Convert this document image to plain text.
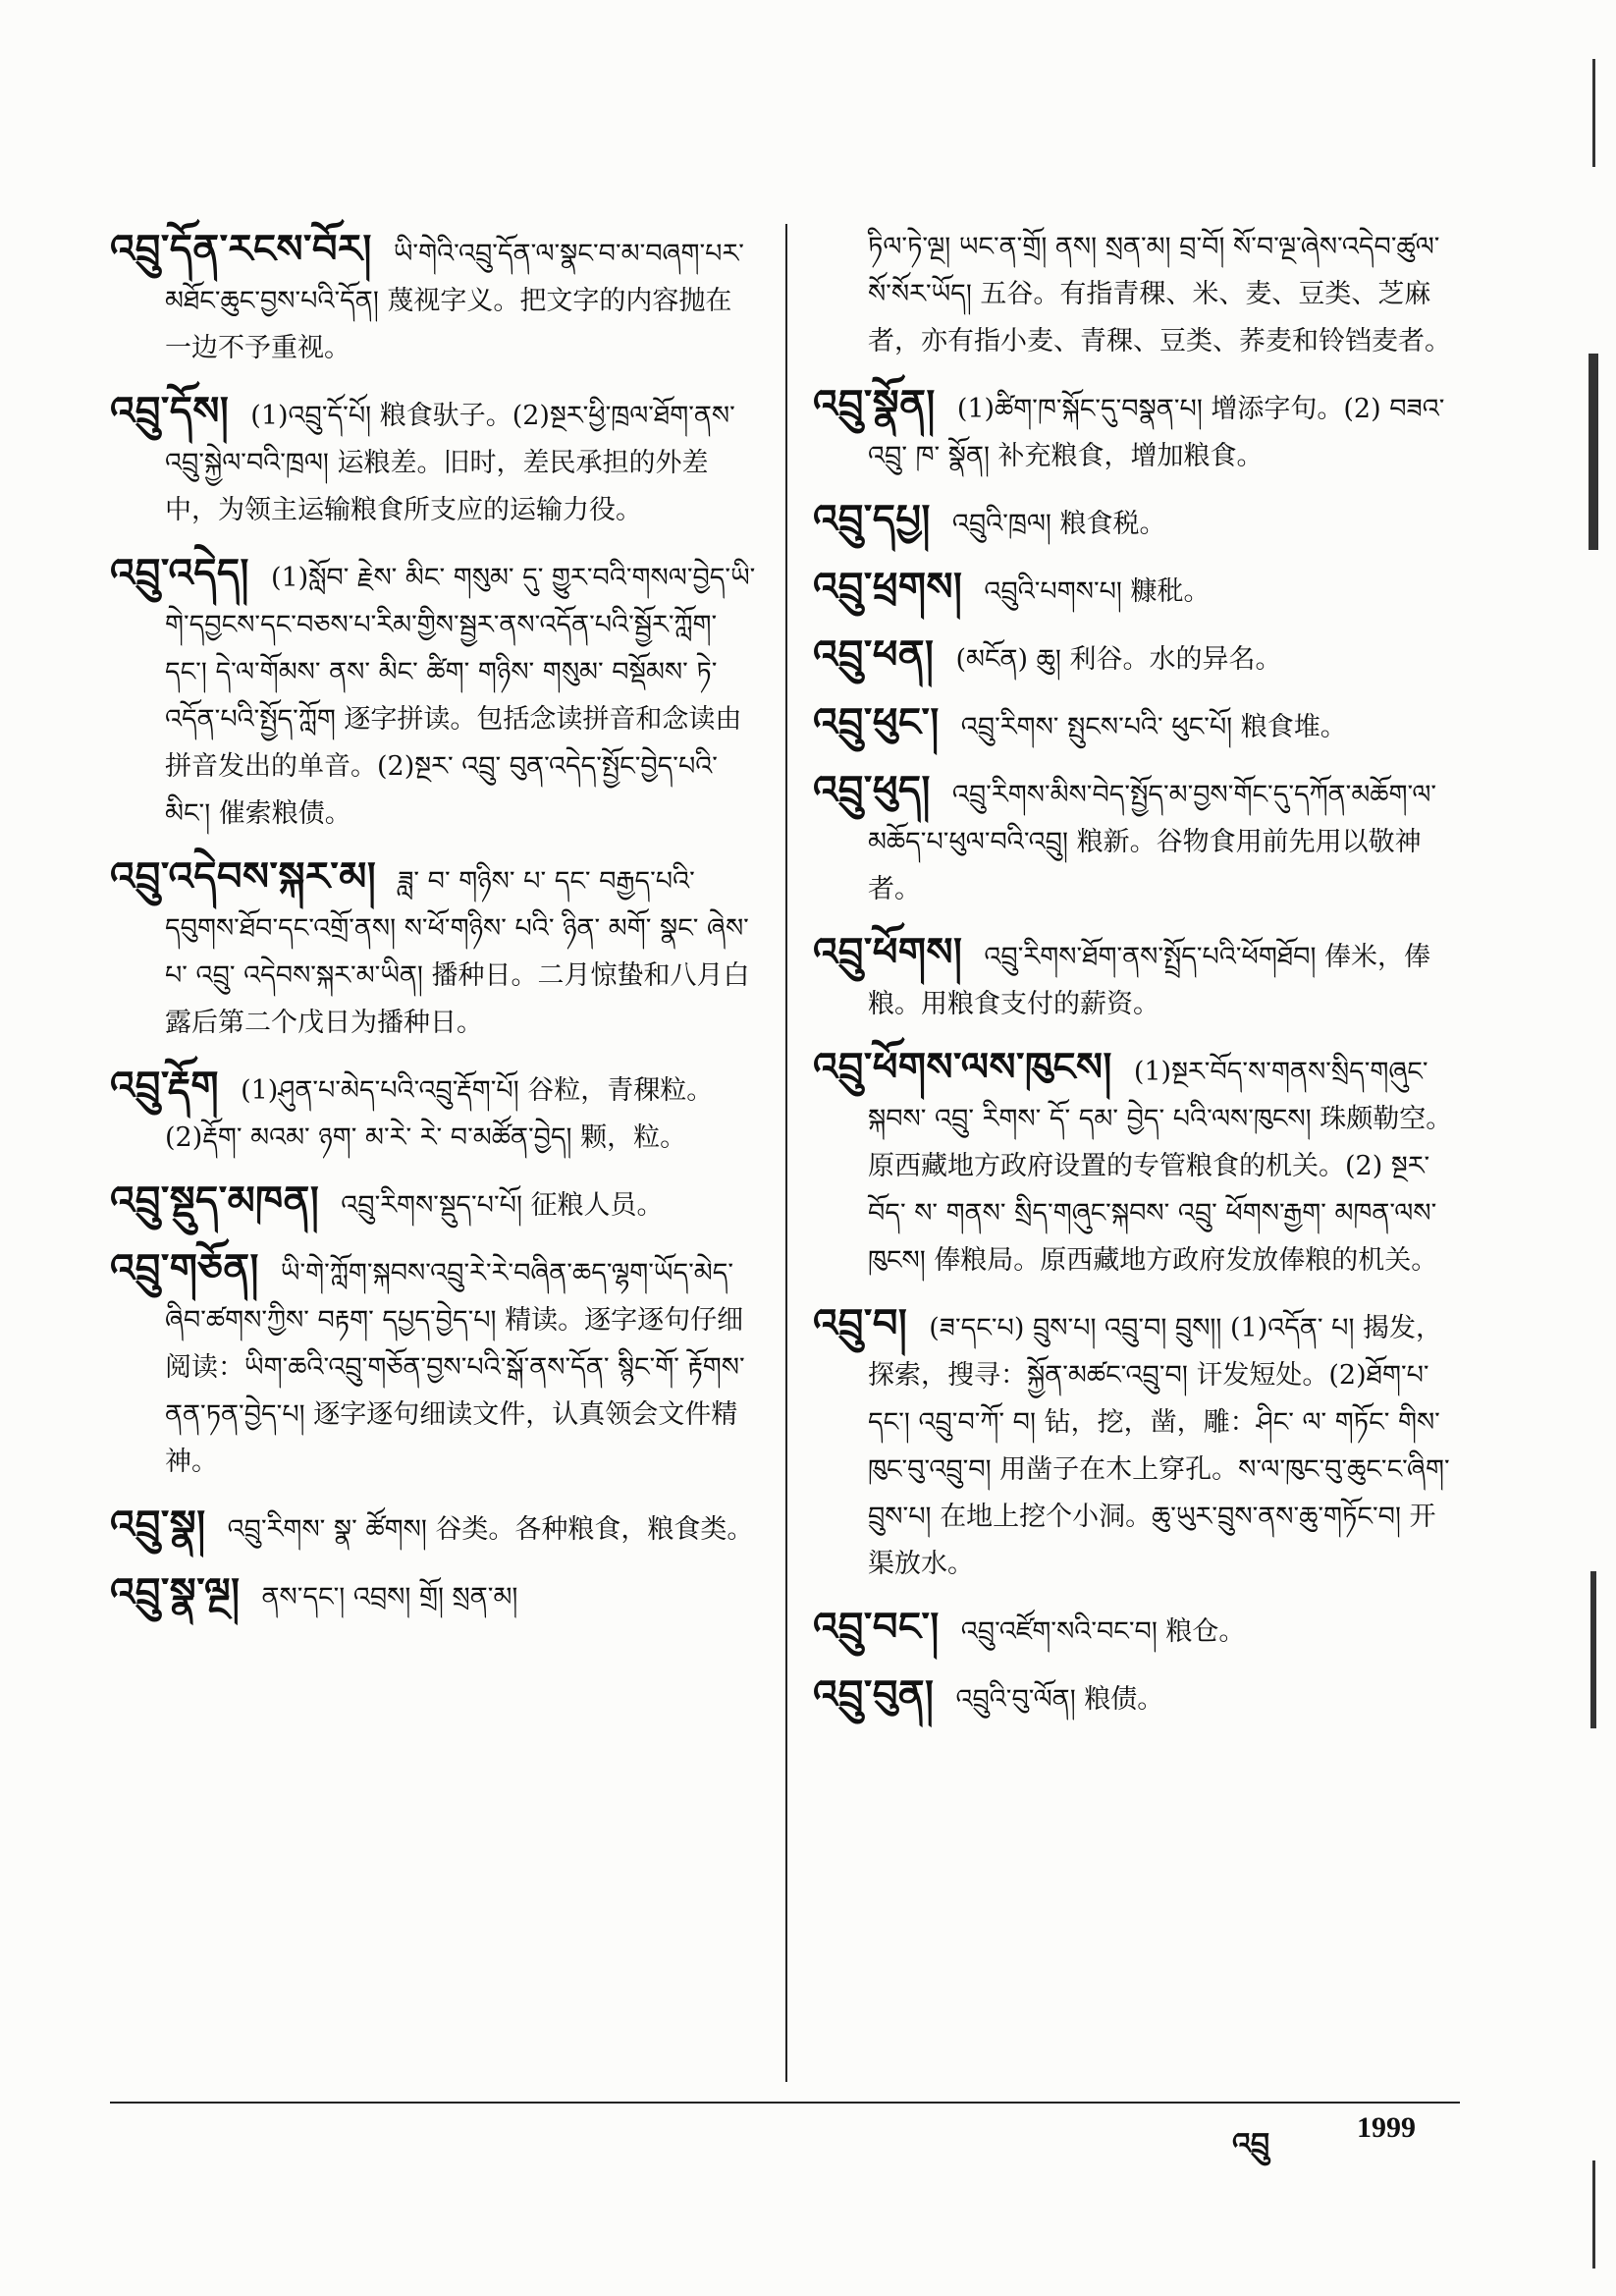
འབྲུ་དོན་རངས་བོར། ཡི་གེའི་འབྲུ་དོན་ལ་སྣང་བ་མ་བཞག་པར་མཐོང་ཆུང་བྱས་པའི་དོན། 蔑视字义。把文字的内容抛在一边不予重视。
འབྲུ་དོས། (1)འབྲུ་དོ་པོ། 粮食驮子。(2)སྔར་ཕྱི་ཁྲལ་ཐོག་ནས་འབྲུ་སྐྱེལ་བའི་ཁྲལ། 运粮差。旧时，差民承担的外差中，为领主运输粮食所支应的运输力役。
འབྲུ་འདེད། (1)སློབ་ རྗེས་ མིང་ གསུམ་ དུ་ གྱུར་བའི་གསལ་བྱེད་ཡི་གེ་དབྱངས་དང་བཅས་པ་རིམ་གྱིས་སྦྱར་ནས་འདོན་པའི་སྦྱོར་ཀློག་དང་། དེ་ལ་གོམས་ ནས་ མིང་ ཚིག་ གཉིས་ གསུམ་ བསྡོམས་ ཏེ་འདོན་པའི་སྤྱོད་ཀློག 逐字拼读。包括念读拼音和念读由拼音发出的单音。(2)སྔར་ འབྲུ་ བུན་འདེད་སྤྱོང་བྱེད་པའི་མིང་། 催索粮债。
འབྲུ་འདེབས་སྐར་མ། ཟླ་ བ་ གཉིས་ པ་ དང་ བརྒྱད་པའི་དབུགས་ཐོབ་དང་འགྲོ་ནས། ས་ཕོ་གཉིས་ པའི་ ཉིན་ མགོ་ སྣང་ ཞེས་ པ་ འབྲུ་ འདེབས་སྐར་མ་ཡིན། 播种日。二月惊蛰和八月白露后第二个戊日为播种日。
འབྲུ་རྡོག (1)ཤུན་པ་མེད་པའི་འབྲུ་རྡོག་པོ། 谷粒，青稞粒。(2)རྡོག་ མའམ་ ཉག་ མ་རེ་ རེ་ བ་མཚོན་བྱེད། 颗，粒。
འབྲུ་སྡུད་མཁན། འབྲུ་རིགས་སྡུད་པ་པོ། 征粮人员。
འབྲུ་གཅོན། ཡི་གེ་ཀློག་སྐབས་འབྲུ་རེ་རེ་བཞིན་ཆད་ལྷག་ཡོད་མེད་ཞིབ་ཚགས་ཀྱིས་ བརྟག་ དཔྱད་བྱེད་པ། 精读。逐字逐句仔细阅读：ཡིག་ཆའི་འབྲུ་གཅོན་བྱས་པའི་སྒོ་ནས་དོན་ སྙིང་གོ་ རྟོགས་ནན་ཏན་བྱེད་པ། 逐字逐句细读文件，认真领会文件精神。
འབྲུ་སྣ། འབྲུ་རིགས་ སྣ་ ཚོགས། 谷类。各种粮食，粮食类。
འབྲུ་སྣ་ལྔ། ནས་དང་། འབྲས། གྲོ། སྲན་མ།
ཏིལ་ཏེ་ལྔ། ཡང་ན་གྲོ། ནས། སྲན་མ། བྲ་བོ། སོ་བ་ལྔ་ཞེས་འདེབ་ཚུལ་སོ་སོར་ཡོད། 五谷。有指青稞、米、麦、豆类、芝麻者，亦有指小麦、青稞、豆类、荞麦和铃铛麦者。
འབྲུ་སྣོན། (1)ཚིག་ཁ་སྐོང་དུ་བསྣན་པ། 增添字句。(2) བཟའ་ འབྲུ་ ཁ་ སྣོན། 补充粮食，增加粮食。
འབྲུ་དཔྱ། འབྲུའི་ཁྲལ། 粮食税。
འབྲུ་ཕྲགས། འབྲུའི་པགས་པ། 糠秕。
འབྲུ་ཕན། (མངོན) ཆུ། 利谷。水的异名。
འབྲུ་ཕུང་། འབྲུ་རིགས་ སྤུངས་པའི་ ཕུང་པོ། 粮食堆。
འབྲུ་ཕུད། འབྲུ་རིགས་མིས་བེད་སྤྱོད་མ་བྱས་གོང་དུ་དཀོན་མཆོག་ལ་མཆོད་པ་ཕུལ་བའི་འབྲུ། 粮新。谷物食用前先用以敬神者。
འབྲུ་ཕོགས། འབྲུ་རིགས་ཐོག་ནས་སྤྲོད་པའི་ཕོགཐོབ། 俸米，俸粮。用粮食支付的薪资。
འབྲུ་ཕོགས་ལས་ཁུངས། (1)སྔར་བོད་ས་གནས་སྲིད་གཞུང་སྐབས་ འབྲུ་ རིགས་ དོ་ དམ་ བྱེད་ པའི་ལས་ཁུངས། 珠颇勒空。原西藏地方政府设置的专管粮食的机关。(2) སྔར་ བོད་ ས་ གནས་ སྲིད་གཞུང་སྐབས་ འབྲུ་ ཕོགས་རྒྱག་ མཁན་ལས་ ཁུངས། 俸粮局。原西藏地方政府发放俸粮的机关。
འབྲུ་བ། (ཟ་དང་པ) བྲུས་པ། འབྲུ་བ། བྲུས།། (1)འདོན་ པ། 揭发，探索，搜寻：སྐྱོན་མཚང་འབྲུ་བ། 讦发短处。(2)ཐོག་པ་དང་། འབྲུ་བ་ཀོ་ བ། 钻，挖，凿，雕：ཤིང་ ལ་ གཏོང་ གིས་ཁུང་བུ་འབྲུ་བ། 用凿子在木上穿孔。ས་ལ་ཁུང་བུ་ཆུང་ང་ཞིག་བྲུས་པ། 在地上挖个小洞。ཆུ་ཡུར་བྲུས་ནས་ཆུ་གཏོང་བ། 开渠放水。
འབྲུ་བང་། འབྲུ་འཛོག་སའི་བང་བ། 粮仓。
འབྲུ་བུན། འབྲུའི་བུ་ལོན། 粮债。
འབྲུ	1999
